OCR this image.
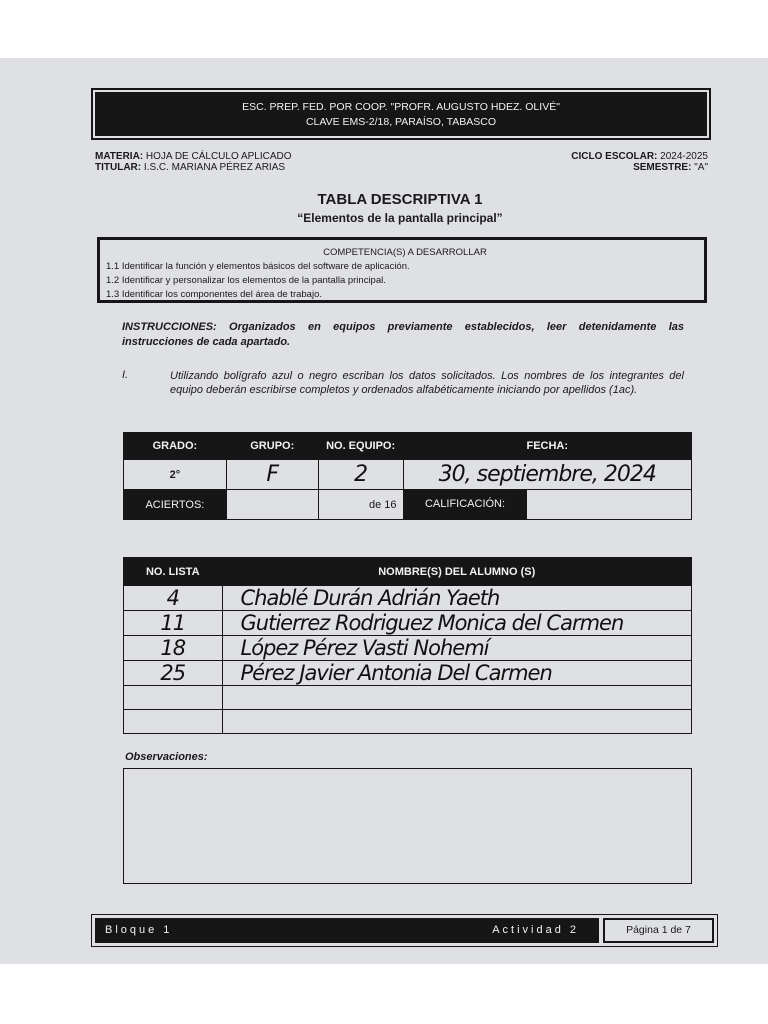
ESC. PREP. FED. POR COOP. "PROFR. AUGUSTO HDEZ. OLIVÉ"
CLAVE EMS-2/18, PARAÍSO, TABASCO
MATERIA: HOJA DE CÁLCULO APLICADO
TITULAR: I.S.C. MARIANA PÉREZ ARIAS
CICLO ESCOLAR: 2024-2025
SEMESTRE: "A"
TABLA DESCRIPTIVA 1
“Elementos de la pantalla principal”
COMPETENCIA(S) A DESARROLLAR
1.1 Identificar la función y elementos básicos del software de aplicación.
1.2 Identificar y personalizar los elementos de la pantalla principal.
1.3 Identificar los componentes del área de trabajo.
INSTRUCCIONES: Organizados en equipos previamente establecidos, leer detenidamente las instrucciones de cada apartado.
I.	Utilizando bolígrafo azul o negro escriban los datos solicitados. Los nombres de los integrantes del equipo deberán escribirse completos y ordenados alfabéticamente iniciando por apellidos (1ac).
GRADO:	GRUPO:	NO. EQUIPO:	FECHA:
2°	F	2	30, septiembre, 2024
ACIERTOS:		de 16	CALIFICACIÓN:
NO. LISTA	NOMBRE(S) DEL ALUMNO (S)
4	Chablé Durán Adrián Yaeth
11	Gutierrez Rodriguez Monica del Carmen
18	López Pérez Vasti Nohemí
25	Pérez Javier Antonia Del Carmen

Observaciones:
Bloque 1	Actividad 2	Página 1 de 7
